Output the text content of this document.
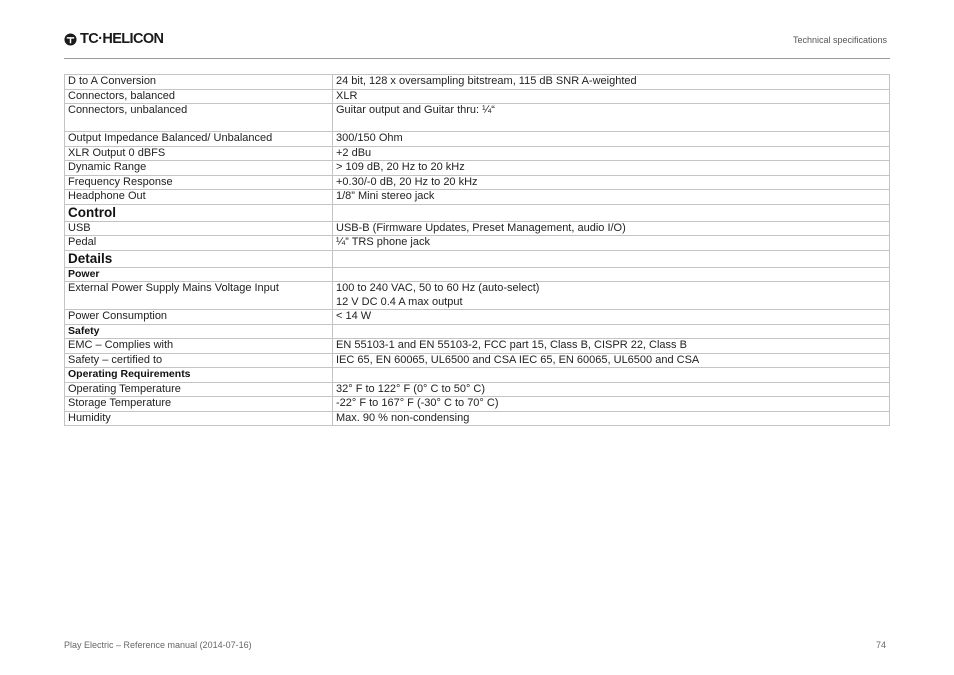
TC·HELICON	Technical specifications
D to A Conversion	24 bit, 128 x oversampling bitstream, 115 dB SNR A-weighted
Connectors, balanced	XLR
Connectors, unbalanced	Guitar output and Guitar thru: ¼“
Output Impedance Balanced/ Unbalanced	300/150 Ohm
XLR Output 0 dBFS	+2 dBu
Dynamic Range	> 109 dB, 20 Hz to 20 kHz
Frequency Response	+0.30/-0 dB, 20 Hz to 20 kHz
Headphone Out	1/8” Mini stereo jack
Control	
USB	USB-B (Firmware Updates, Preset Management, audio I/O)
Pedal	¼” TRS phone jack
Details	
Power	
External Power Supply Mains Voltage Input	100 to 240 VAC, 50 to 60 Hz (auto-select)
12 V DC 0.4 A max output

Power Consumption	< 14 W
Safety	
EMC – Complies with	EN 55103-1 and EN 55103-2, FCC part 15, Class B, CISPR 22, Class B
Safety – certified to	IEC 65, EN 60065, UL6500 and CSA IEC 65, EN 60065, UL6500 and CSA
Operating Requirements	
Operating Temperature	32° F to 122° F (0° C to 50° C)
Storage Temperature	-22° F to 167° F (-30° C to 70° C)
Humidity	Max. 90 % non-condensing
Play Electric – Reference manual (2014-07-16)	74
